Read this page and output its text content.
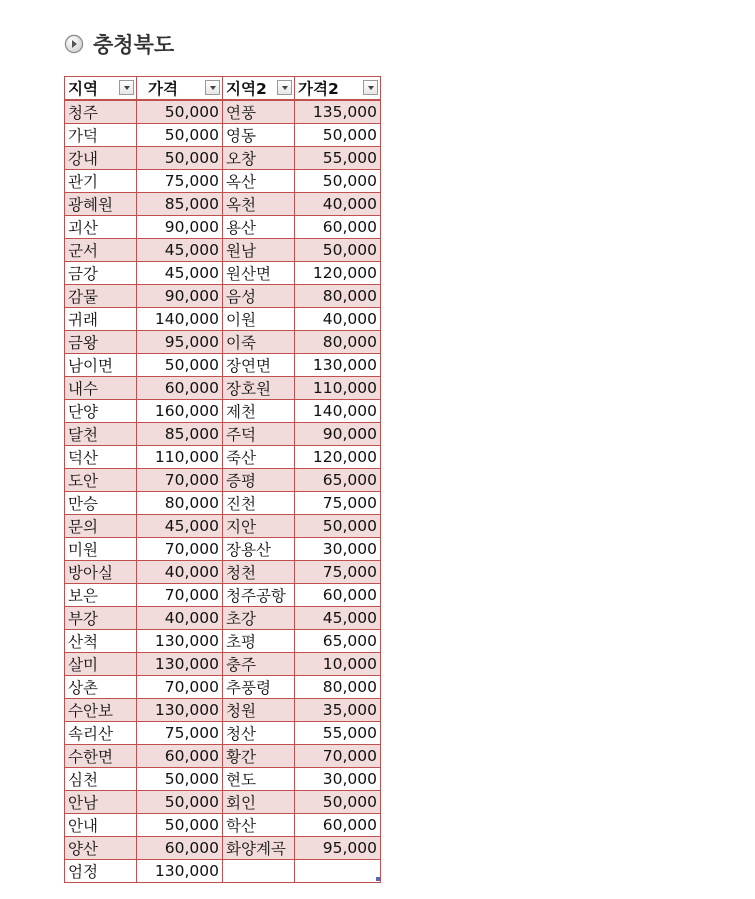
충청북도
지역	가격	지역2	가격2

청주	50,000	연풍	135,000
가덕	50,000	영동	50,000
강내	50,000	오창	55,000
관기	75,000	옥산	50,000
광혜원	85,000	옥천	40,000
괴산	90,000	용산	60,000
군서	45,000	원남	50,000
금강	45,000	원산면	120,000
감물	90,000	음성	80,000
귀래	140,000	이원	40,000
금왕	95,000	이죽	80,000
남이면	50,000	장연면	130,000
내수	60,000	장호원	110,000
단양	160,000	제천	140,000
달천	85,000	주덕	90,000
덕산	110,000	죽산	120,000
도안	70,000	증평	65,000
만승	80,000	진천	75,000
문의	45,000	지안	50,000
미원	70,000	장용산	30,000
방아실	40,000	청천	75,000
보은	70,000	청주공항	60,000
부강	40,000	초강	45,000
산척	130,000	초평	65,000
살미	130,000	충주	10,000
상촌	70,000	추풍령	80,000
수안보	130,000	청원	35,000
속리산	75,000	청산	55,000
수한면	60,000	황간	70,000
심천	50,000	현도	30,000
안남	50,000	회인	50,000
안내	50,000	학산	60,000
양산	60,000	화양계곡	95,000
엄정	130,000		
